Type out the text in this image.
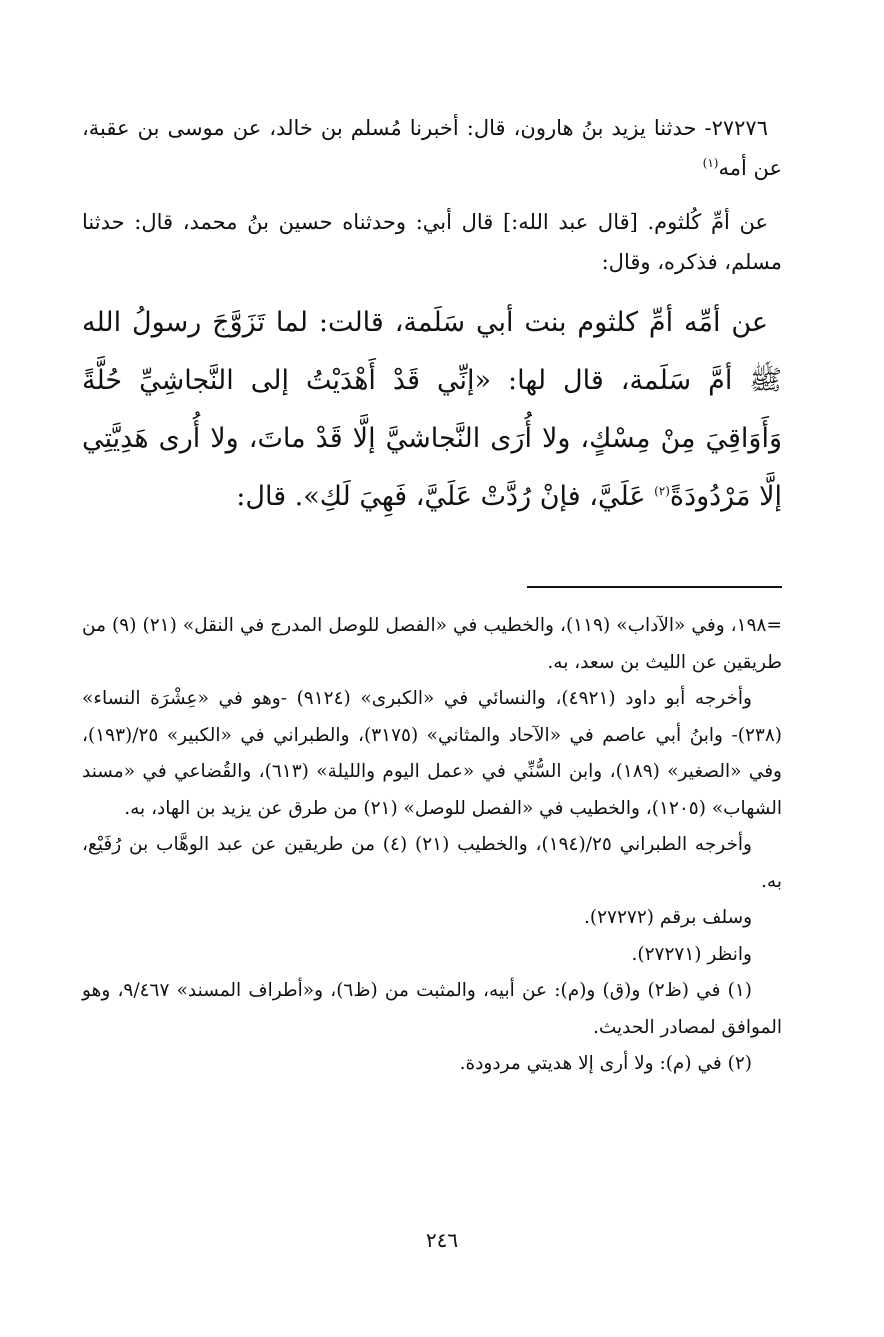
٢٧٢٧٦- حدثنا يزيد بنُ هارون، قال: أخبرنا مُسلم بن خالد، عن موسى بن عقبة، عن أمه$^{(١)}$

عن أمِّ كُلثوم. [قال عبد الله:] قال أبي: وحدثناه حسين بنُ محمد، قال: حدثنا مسلم، فذكره، وقال:

عن أمِّه أمِّ كلثوم بنت أبي سَلَمة، قالت: لما تَزَوَّجَ رسولُ الله ﷺ أمَّ سَلَمة، قال لها: «إنِّي قَدْ أَهْدَيْتُ إلى النَّجاشِيِّ حُلَّةً وَأَوَاقِيَ مِنْ مِسْكٍ، ولا أُرَى النَّجاشيَّ إلَّا قَدْ ماتَ، ولا أُرى هَدِيَّتِي إلَّا مَرْدُودَةً$^{(٢)}$ عَلَيَّ، فإنْ رُدَّتْ عَلَيَّ، فَهِيَ لَكِ». قال:

=١٩٨، وفي «الآداب» (١١٩)، والخطيب في «الفصل للوصل المدرج في النقل» (٢١) (٩) من طريقين عن الليث بن سعد، به.

وأخرجه أبو داود (٤٩٢١)، والنسائي في «الكبرى» (٩١٢٤) -وهو في «عِشْرَة النساء» (٢٣٨)- وابنُ أبي عاصم في «الآحاد والمثاني» (٣١٧٥)، والطبراني في «الكبير» ٢٥/(١٩٣)، وفي «الصغير» (١٨٩)، وابن السُّنِّي في «عمل اليوم والليلة» (٦١٣)، والقُضاعي في «مسند الشهاب» (١٢٠٥)، والخطيب في «الفصل للوصل» (٢١) من طرق عن يزيد بن الهاد، به.

وأخرجه الطبراني ٢٥/(١٩٤)، والخطيب (٢١) (٤) من طريقين عن عبد الوهَّاب بن رُفَيْع، به.

وسلف برقم (٢٧٢٧٢).

وانظر (٢٧٢٧١).

(١) في (ظ٢) و(ق) و(م): عن أبيه، والمثبت من (ظ٦)، و«أطراف المسند» ٩/٤٦٧، وهو الموافق لمصادر الحديث.

(٢) في (م): ولا أرى إلا هديتي مردودة.

٢٤٦
